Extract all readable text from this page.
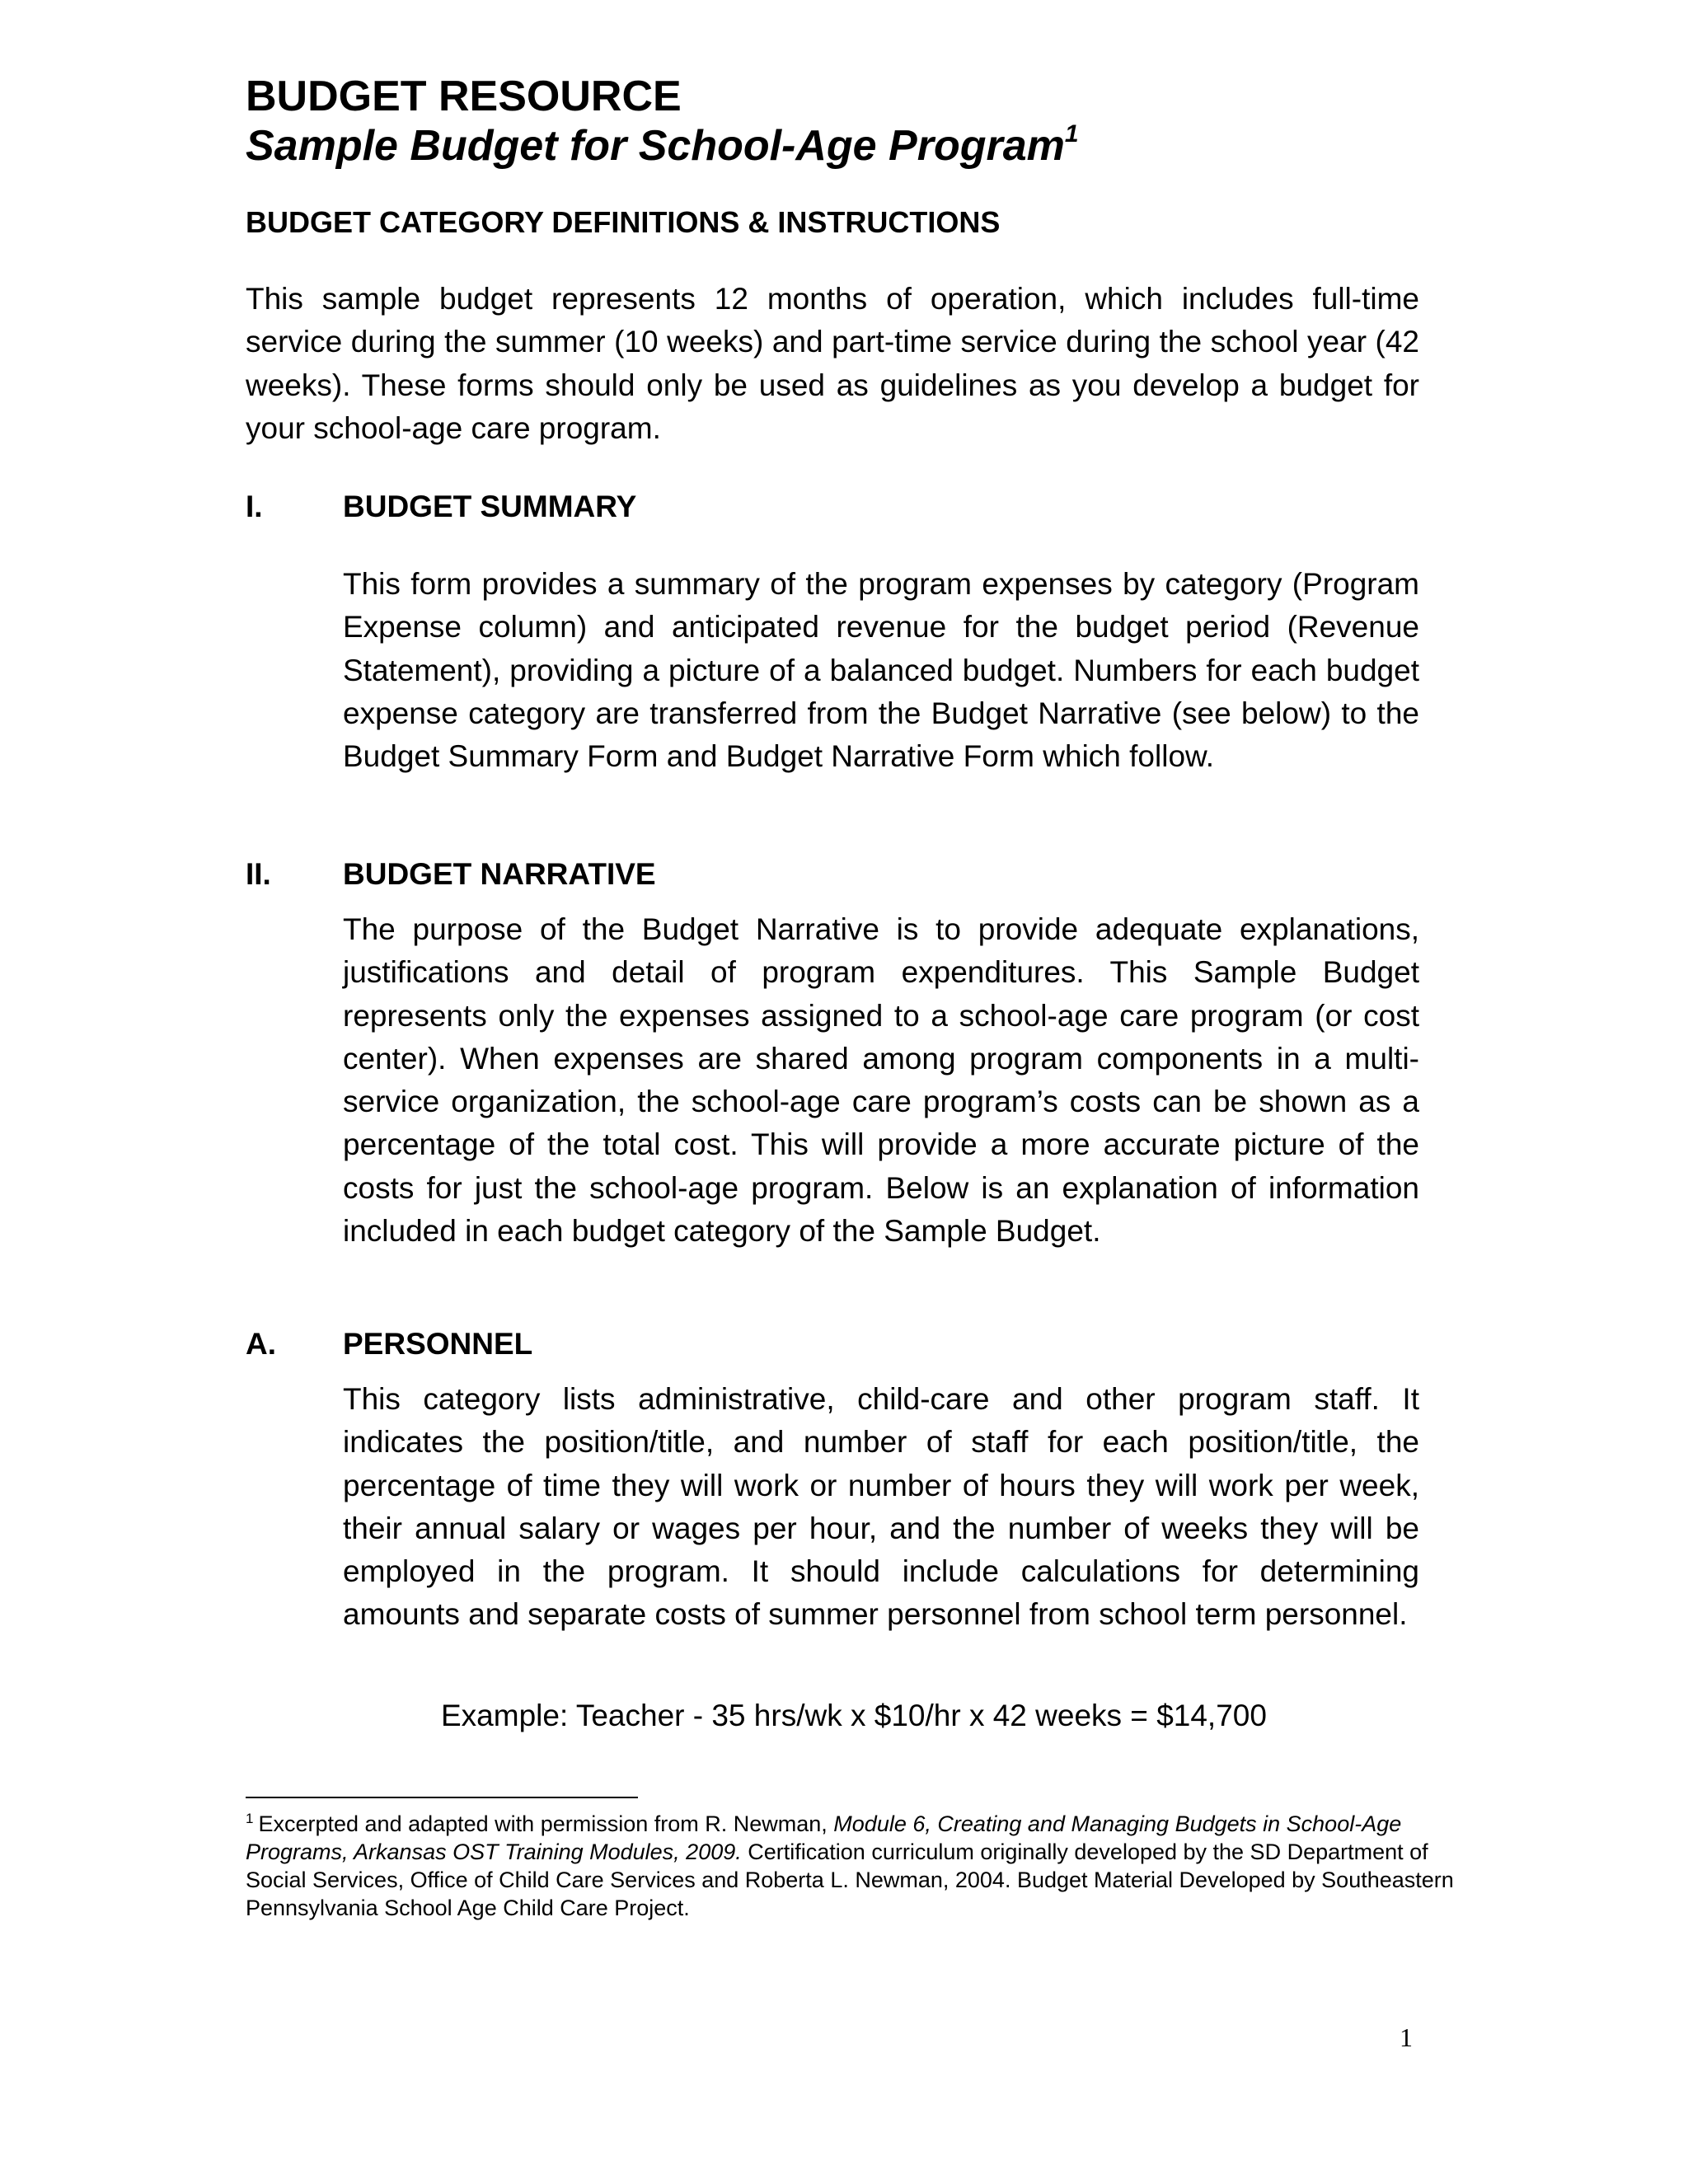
BUDGET RESOURCE
Sample Budget for School-Age Program$^1$
BUDGET CATEGORY DEFINITIONS & INSTRUCTIONS

This sample budget represents 12 months of operation, which includes full-time service during the summer (10 weeks) and part-time service during the school year (42 weeks). These forms should only be used as guidelines as you develop a budget for your school-age care program.

I.	BUDGET SUMMARY

This form provides a summary of the program expenses by category (Program Expense column) and anticipated revenue for the budget period (Revenue Statement), providing a picture of a balanced budget. Numbers for each budget expense category are transferred from the Budget Narrative (see below) to the Budget Summary Form and Budget Narrative Form which follow.

II. BUDGET NARRATIVE

The purpose of the Budget Narrative is to provide adequate explanations, justifications and detail of program expenditures. This Sample Budget represents only the expenses assigned to a school-age care program (or cost center). When expenses are shared among program components in a multi-service organization, the school-age care program’s costs can be shown as a percentage of the total cost. This will provide a more accurate picture of the costs for just the school-age program. Below is an explanation of information included in each budget category of the Sample Budget.

A. PERSONNEL

This category lists administrative, child-care and other program staff. It indicates the position/title, and number of staff for each position/title, the percentage of time they will work or number of hours they will work per week, their annual salary or wages per hour, and the number of weeks they will be employed in the program. It should include calculations for determining amounts and separate costs of summer personnel from school term personnel.

Example: Teacher - 35 hrs/wk x $10/hr x 42 weeks = $14,700

$^1$ Excerpted and adapted with permission from R. Newman, Module 6, Creating and Managing Budgets in School-Age Programs, Arkansas OST Training Modules, 2009. Certification curriculum originally developed by the SD Department of Social Services, Office of Child Care Services and Roberta L. Newman, 2004. Budget Material Developed by Southeastern Pennsylvania School Age Child Care Project.

1
